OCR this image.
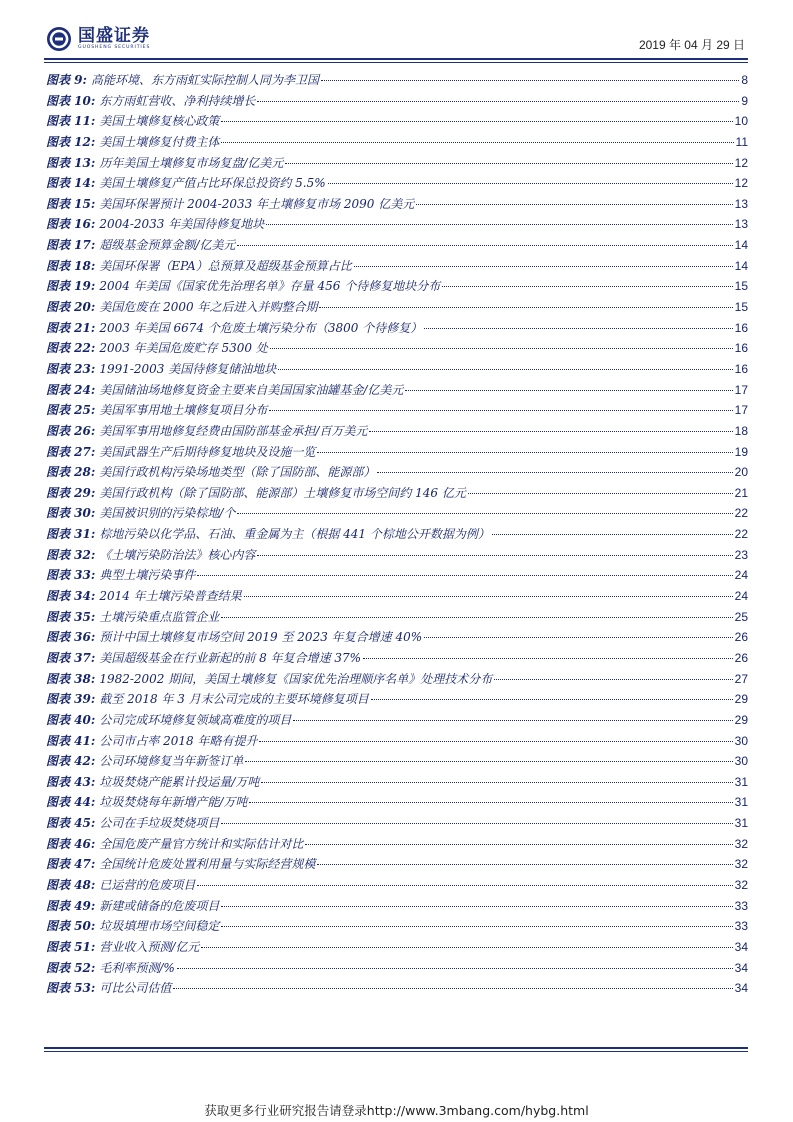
国盛证券
GUOSHENG SECURITIES	2019 年 04 月 29 日
图表 9: 高能环境、东方雨虹实际控制人同为李卫国	8
图表 10: 东方雨虹营收、净利持续增长	9
图表 11: 美国土壤修复核心政策	10
图表 12: 美国土壤修复付费主体	11
图表 13: 历年美国土壤修复市场复盘/亿美元	12
图表 14: 美国土壤修复产值占比环保总投资约 5.5%	12
图表 15: 美国环保署预计 2004-2033 年土壤修复市场 2090 亿美元	13
图表 16: 2004-2033 年美国待修复地块	13
图表 17: 超级基金预算金额/亿美元	14
图表 18: 美国环保署（EPA）总预算及超级基金预算占比	14
图表 19: 2004 年美国《国家优先治理名单》存量 456 个待修复地块分布	15
图表 20: 美国危废在 2000 年之后进入并购整合期	15
图表 21: 2003 年美国 6674 个危废土壤污染分布（3800 个待修复）	16
图表 22: 2003 年美国危废贮存 5300 处	16
图表 23: 1991-2003 美国待修复储油地块	16
图表 24: 美国储油场地修复资金主要来自美国国家油罐基金/亿美元	17
图表 25: 美国军事用地土壤修复项目分布	17
图表 26: 美国军事用地修复经费由国防部基金承担/百万美元	18
图表 27: 美国武器生产后期待修复地块及设施一览	19
图表 28: 美国行政机构污染场地类型（除了国防部、能源部）	20
图表 29: 美国行政机构（除了国防部、能源部）土壤修复市场空间约 146 亿元	21
图表 30: 美国被识别的污染棕地/个	22
图表 31: 棕地污染以化学品、石油、重金属为主（根据 441 个棕地公开数据为例）	22
图表 32: 《土壤污染防治法》核心内容	23
图表 33: 典型土壤污染事件	24
图表 34: 2014 年土壤污染普查结果	24
图表 35: 土壤污染重点监管企业	25
图表 36: 预计中国土壤修复市场空间 2019 至 2023 年复合增速 40%	26
图表 37: 美国超级基金在行业新起的前 8 年复合增速 37%	26
图表 38: 1982-2002 期间，美国土壤修复《国家优先治理顺序名单》处理技术分布	27
图表 39: 截至 2018 年 3 月末公司完成的主要环境修复项目	29
图表 40: 公司完成环境修复领域高难度的项目	29
图表 41: 公司市占率 2018 年略有提升	30
图表 42: 公司环境修复当年新签订单	30
图表 43: 垃圾焚烧产能累计投运量/万吨	31
图表 44: 垃圾焚烧每年新增产能/万吨	31
图表 45: 公司在手垃圾焚烧项目	31
图表 46: 全国危废产量官方统计和实际估计对比	32
图表 47: 全国统计危废处置利用量与实际经营规模	32
图表 48: 已运营的危废项目	32
图表 49: 新建或储备的危废项目	33
图表 50: 垃圾填埋市场空间稳定	33
图表 51: 营业收入预测/亿元	34
图表 52: 毛利率预测/%	34
图表 53: 可比公司估值	34
获取更多行业研究报告请登录http://www.3mbang.com/hybg.html
